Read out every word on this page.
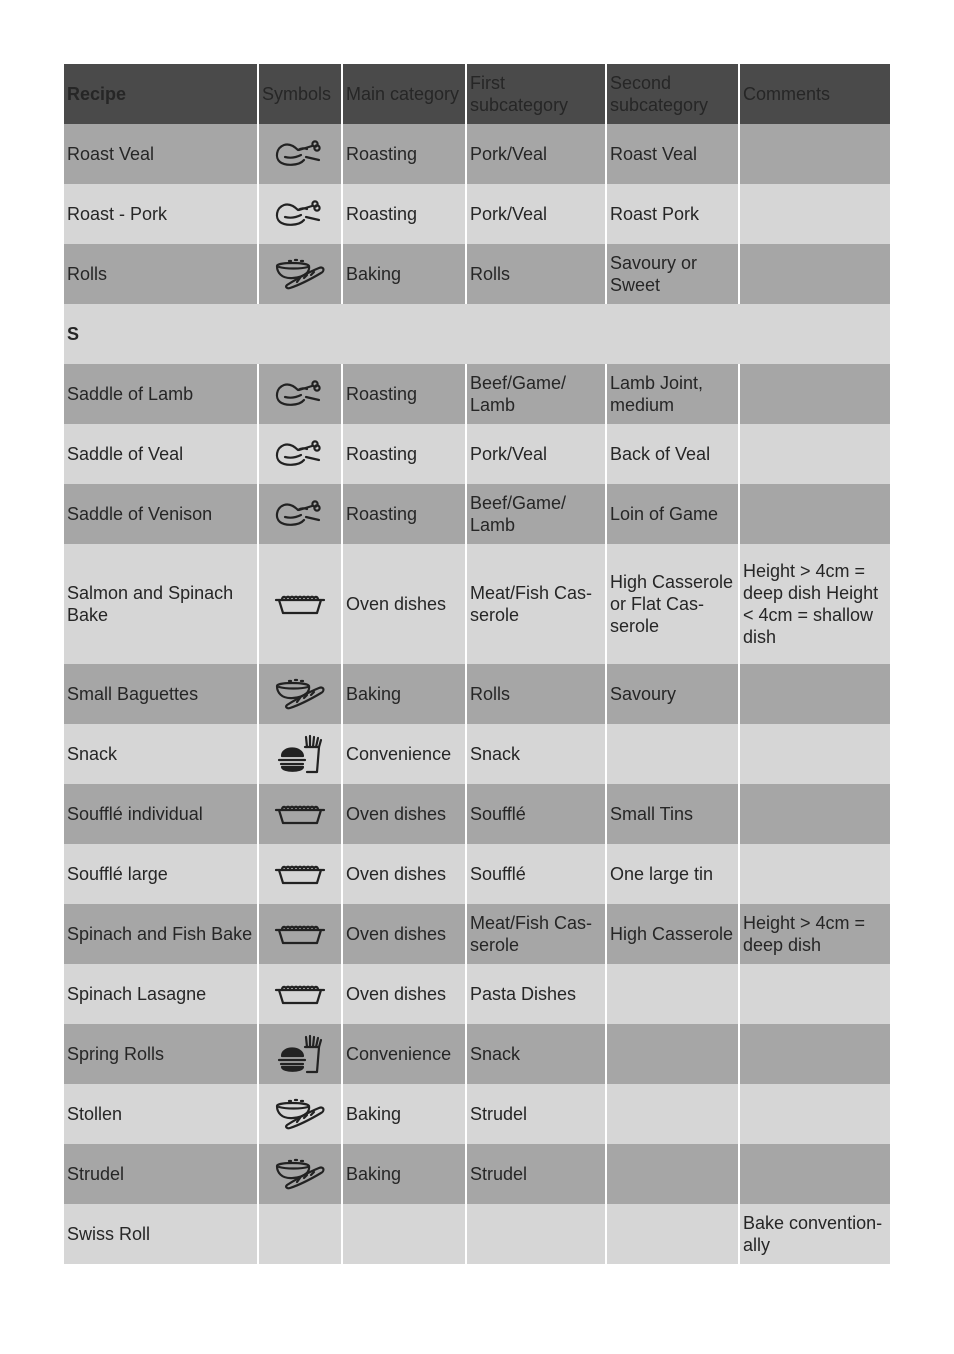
Recipe	Symbols	Main category	First subcategory	Second subcategory	Comments
Roast Veal		Roasting	Pork/Veal	Roast Veal	
Roast - Pork		Roasting	Pork/Veal	Roast Pork	
Rolls		Baking	Rolls	Savoury or Sweet	
S					
Saddle of Lamb		Roasting	Beef/Game/ Lamb	Lamb Joint, medium	
Saddle of Veal		Roasting	Pork/Veal	Back of Veal	
Saddle of Venison		Roasting	Beef/Game/ Lamb	Loin of Game	
Salmon and Spinach Bake		Oven dishes	Meat/Fish Cas-serole	High Casserole or Flat Cas-serole	Height > 4cm = deep dish Height < 4cm = shallow dish
Small Baguettes		Baking	Rolls	Savoury	
Snack		Convenience	Snack		
Soufflé individual		Oven dishes	Soufflé	Small Tins	
Soufflé large		Oven dishes	Soufflé	One large tin	
Spinach and Fish Bake		Oven dishes	Meat/Fish Cas-serole	High Casserole	Height > 4cm = deep dish
Spinach Lasagne		Oven dishes	Pasta Dishes		
Spring Rolls		Convenience	Snack		
Stollen		Baking	Strudel		
Strudel		Baking	Strudel		
Swiss Roll					Bake convention-ally
